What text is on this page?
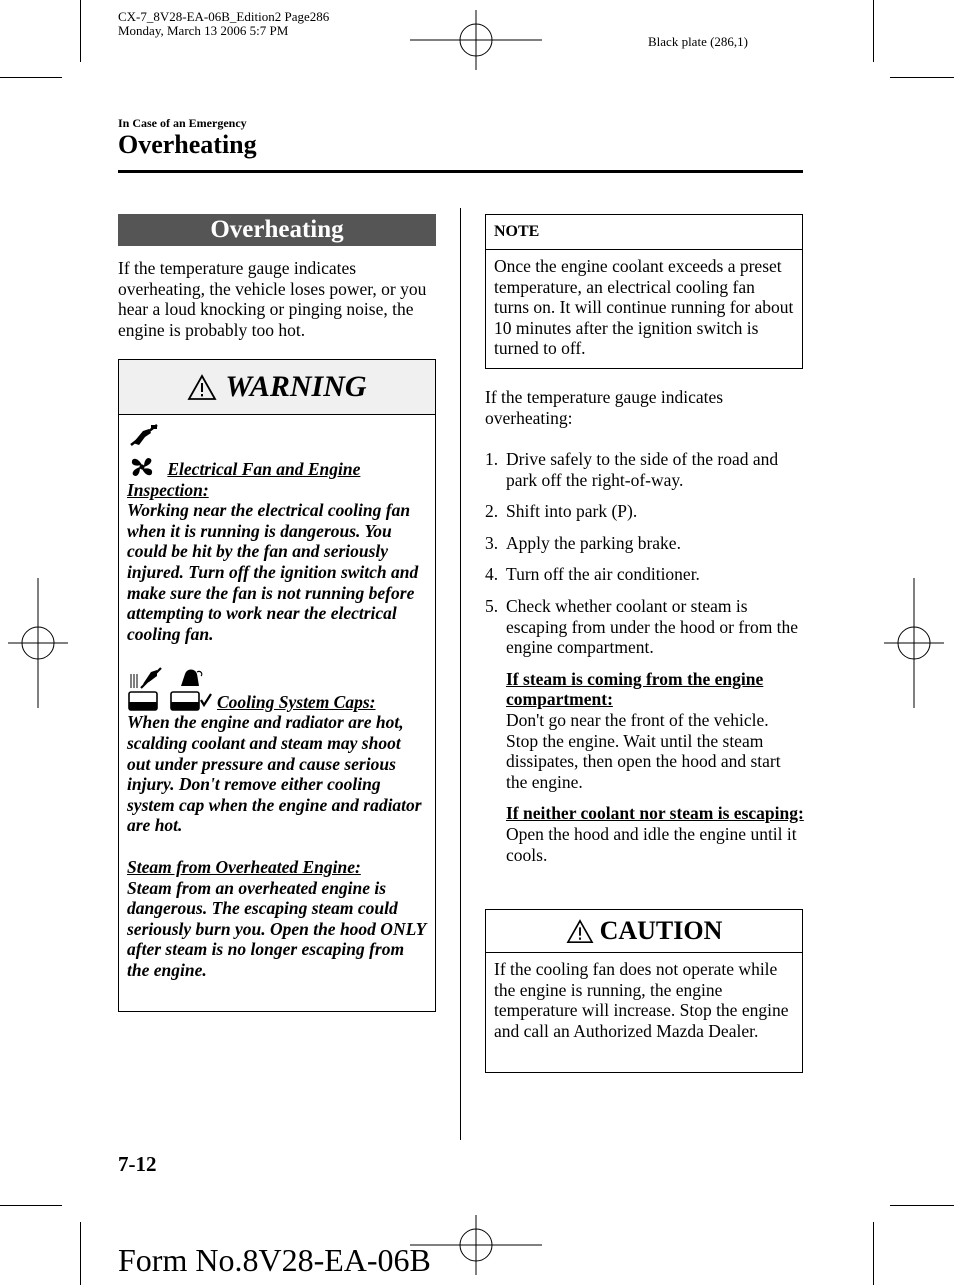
CX-7_8V28-EA-06B_Edition2 Page286
Monday, March 13 2006 5:7 PM
Black plate (286,1)
In Case of an Emergency
Overheating
Overheating
If the temperature gauge indicates overheating, the vehicle loses power, or you hear a loud knocking or pinging noise, the engine is probably too hot.
WARNING
Electrical Fan and Engine Inspection:
Working near the electrical cooling fan when it is running is dangerous. You could be hit by the fan and seriously injured. Turn off the ignition switch and make sure the fan is not running before attempting to work near the electrical cooling fan.
Cooling System Caps:
When the engine and radiator are hot, scalding coolant and steam may shoot out under pressure and cause serious injury. Don't remove either cooling system cap when the engine and radiator are hot.
Steam from Overheated Engine:
Steam from an overheated engine is dangerous. The escaping steam could seriously burn you. Open the hood ONLY after steam is no longer escaping from the engine.
NOTE
Once the engine coolant exceeds a preset temperature, an electrical cooling fan turns on. It will continue running for about 10 minutes after the ignition switch is turned to off.
If the temperature gauge indicates overheating:
1. Drive safely to the side of the road and park off the right-of-way.
2. Shift into park (P).
3. Apply the parking brake.
4. Turn off the air conditioner.
5. Check whether coolant or steam is escaping from under the hood or from the engine compartment.
If steam is coming from the engine compartment:
Don't go near the front of the vehicle. Stop the engine. Wait until the steam dissipates, then open the hood and start the engine.
If neither coolant nor steam is escaping:
Open the hood and idle the engine until it cools.
CAUTION
If the cooling fan does not operate while the engine is running, the engine temperature will increase. Stop the engine and call an Authorized Mazda Dealer.
7-12
Form No.8V28-EA-06B
